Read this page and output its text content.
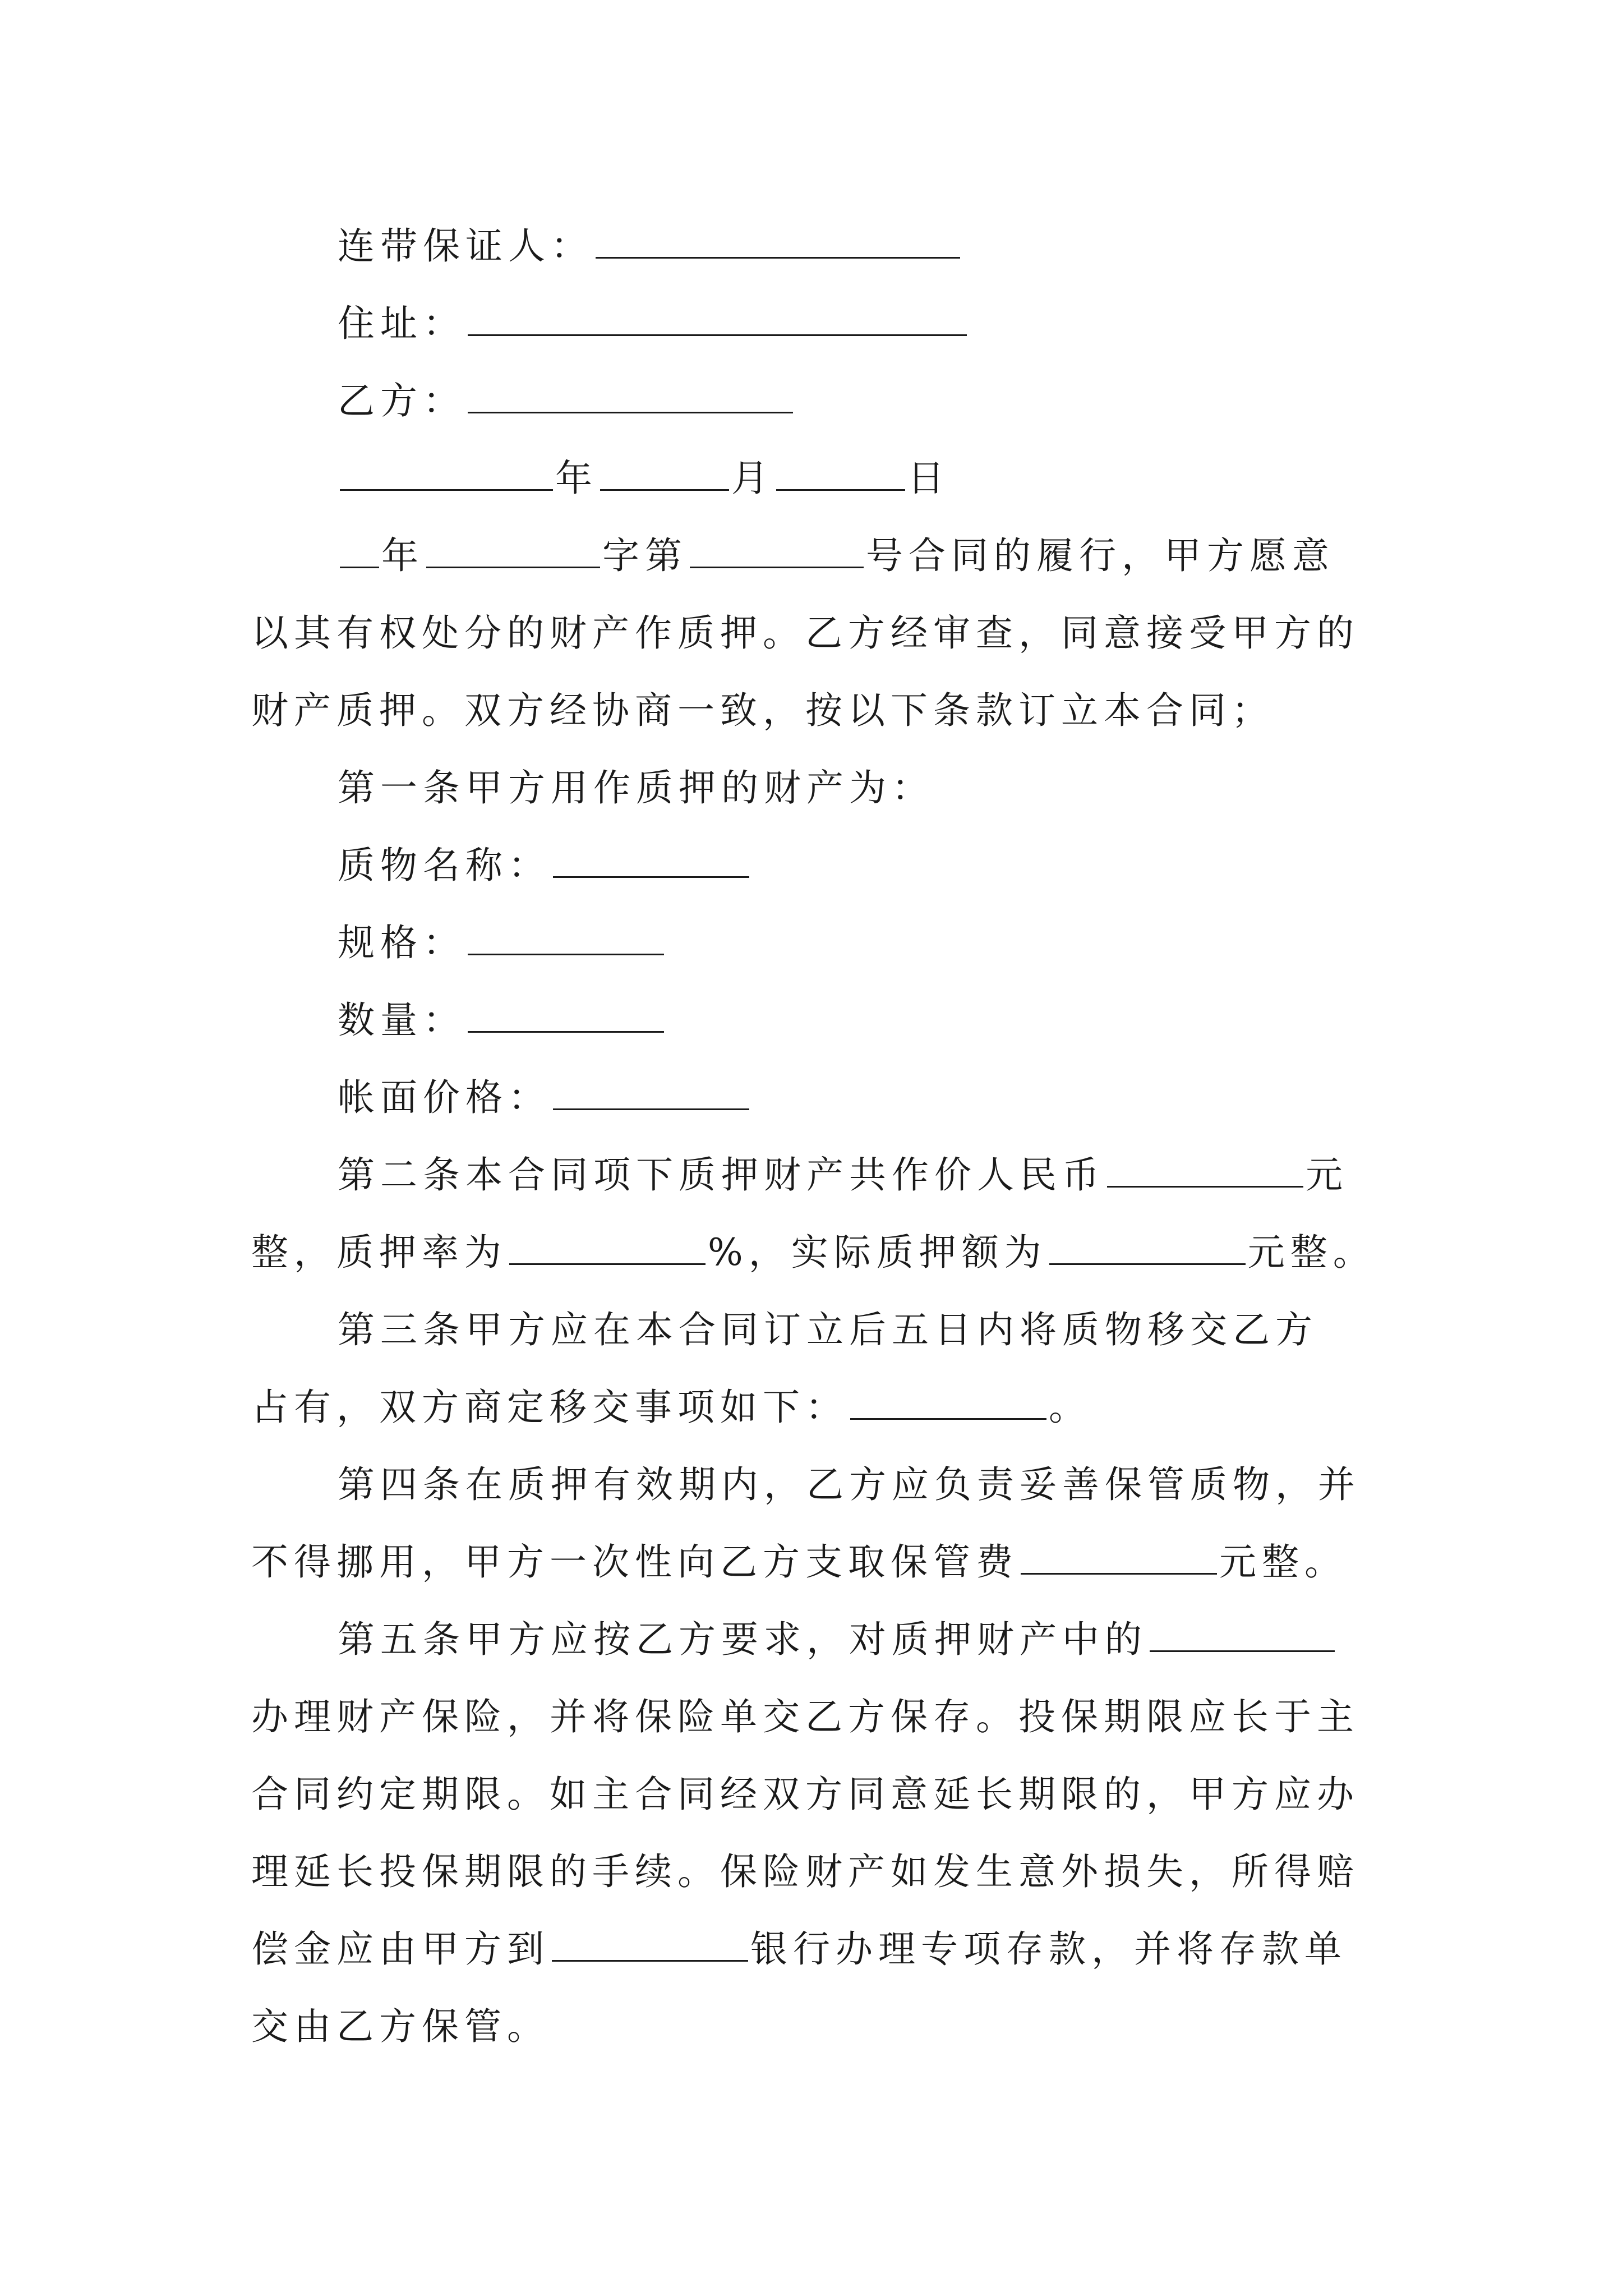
连带保证人：
住址：
乙方：
年	月	日
年	字第	号合同的履行，甲方愿意
以其有权处分的财产作质押。乙方经审查，同意接受甲方的
财产质押。双方经协商一致，按以下条款订立本合同；
第一条甲方用作质押的财产为：
质物名称：
规格：
数量：
帐面价格：
第二条本合同项下质押财产共作价人民币	元
整，质押率为	%，实际质押额为	元整。
第三条甲方应在本合同订立后五日内将质物移交乙方
占有，双方商定移交事项如下：	。
第四条在质押有效期内，乙方应负责妥善保管质物，并
不得挪用，甲方一次性向乙方支取保管费	元整。
第五条甲方应按乙方要求，对质押财产中的
办理财产保险，并将保险单交乙方保存。投保期限应长于主
合同约定期限。如主合同经双方同意延长期限的，甲方应办
理延长投保期限的手续。保险财产如发生意外损失，所得赔
偿金应由甲方到	银行办理专项存款，并将存款单
交由乙方保管。
